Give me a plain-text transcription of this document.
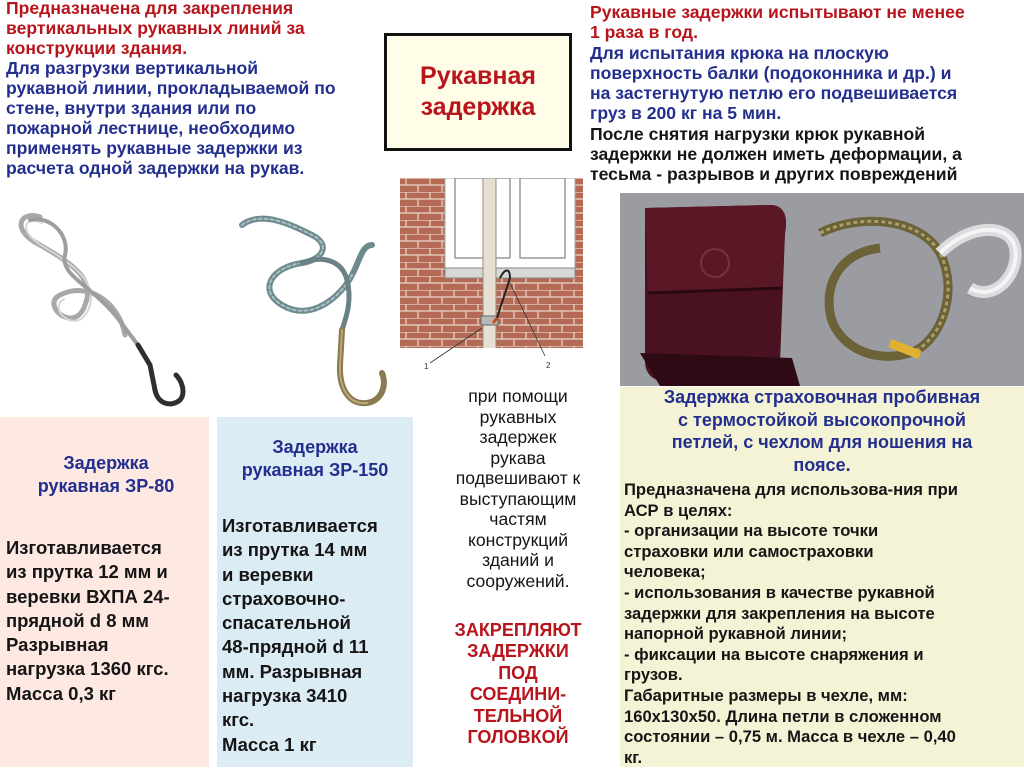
Предназначена для закрепления
вертикальных рукавных линий за
конструкции здания.
Для разгрузки вертикальной
рукавной линии, прокладываемой по
стене, внутри здания или по
пожарной лестнице, необходимо
применять рукавные задержки из
расчета одной задержки на рукав.
Рукавная
задержка
Рукавные задержки испытывают не менее
1 раза в год.
Для испытания крюка на плоскую
поверхность балки (подоконника и др.) и
на застегнутую петлю его подвешивается
груз в 200 кг на 5 мин.
После снятия нагрузки крюк рукавной
задержки не должен иметь деформации, а
тесьма - разрывов и других повреждений
1	2
Задержка
рукавная ЗР-80
Изготавливается
из прутка 12 мм и
веревки ВХПА 24-
прядной d 8 мм
Разрывная
нагрузка 1360 кгс.
Масса 0,3 кг
Задержка
рукавная ЗР-150
Изготавливается
из прутка 14 мм
и веревки
страховочно-
спасательной
48-прядной d 11
мм. Разрывная
нагрузка 3410
кгс.
Масса 1 кг
при помощи
рукавных
задержек
рукава
подвешивают к
выступающим
частям
конструкций
зданий и
сооружений.
ЗАКРЕПЛЯЮТ
ЗАДЕРЖКИ
ПОД
СОЕДИНИ-
ТЕЛЬНОЙ
ГОЛОВКОЙ
Задержка страховочная пробивная
с термостойкой высокопрочной
петлей, с чехлом для ношения на
поясе.
Предназначена для использова-ния при
АСР в целях:
- организации на высоте точки
страховки или самостраховки
человека;
- использования в качестве рукавной
задержки для закрепления на высоте
напорной рукавной линии;
- фиксации на высоте снаряжения и
грузов.
Габаритные размеры в чехле, мм:
160х130х50. Длина петли в сложенном
состоянии – 0,75 м. Масса в чехле – 0,40
кг.
